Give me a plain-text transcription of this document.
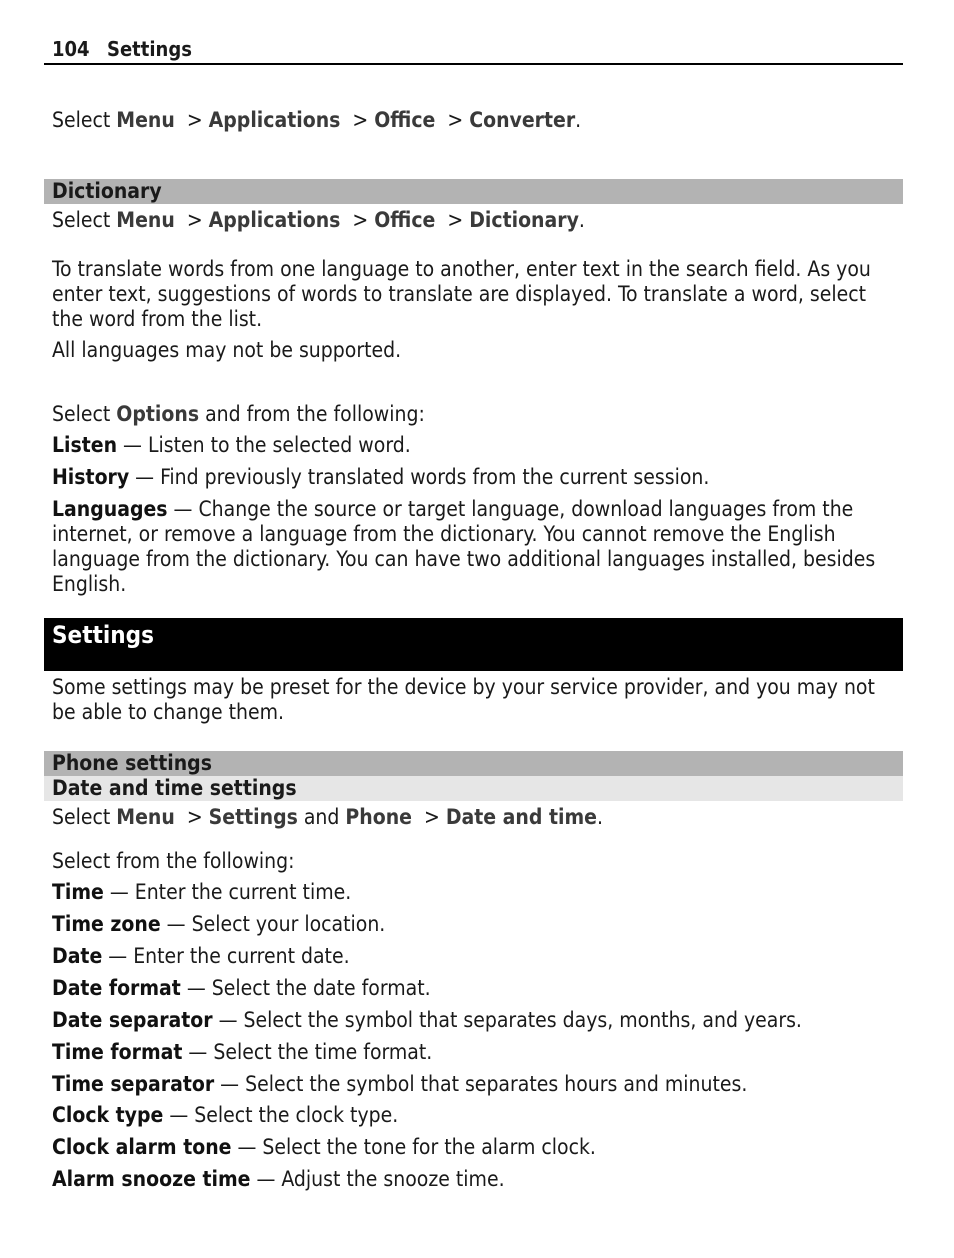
104 Settings
Select Menu  > Applications  > Office  > Converter.
Dictionary
Select Menu  > Applications  > Office  > Dictionary.
To translate words from one language to another, enter text in the search field. As you enter text, suggestions of words to translate are displayed. To translate a word, select the word from the list.
All languages may not be supported.
Select Options and from the following:
Listen — Listen to the selected word.
History — Find previously translated words from the current session.
Languages — Change the source or target language, download languages from the internet, or remove a language from the dictionary. You cannot remove the English language from the dictionary. You can have two additional languages installed, besides English.
Settings
Some settings may be preset for the device by your service provider, and you may not be able to change them.
Phone settings
Date and time settings
Select Menu  > Settings and Phone  > Date and time.
Select from the following:
Time — Enter the current time.
Time zone — Select your location.
Date — Enter the current date.
Date format — Select the date format.
Date separator — Select the symbol that separates days, months, and years.
Time format — Select the time format.
Time separator — Select the symbol that separates hours and minutes.
Clock type — Select the clock type.
Clock alarm tone — Select the tone for the alarm clock.
Alarm snooze time — Adjust the snooze time.
